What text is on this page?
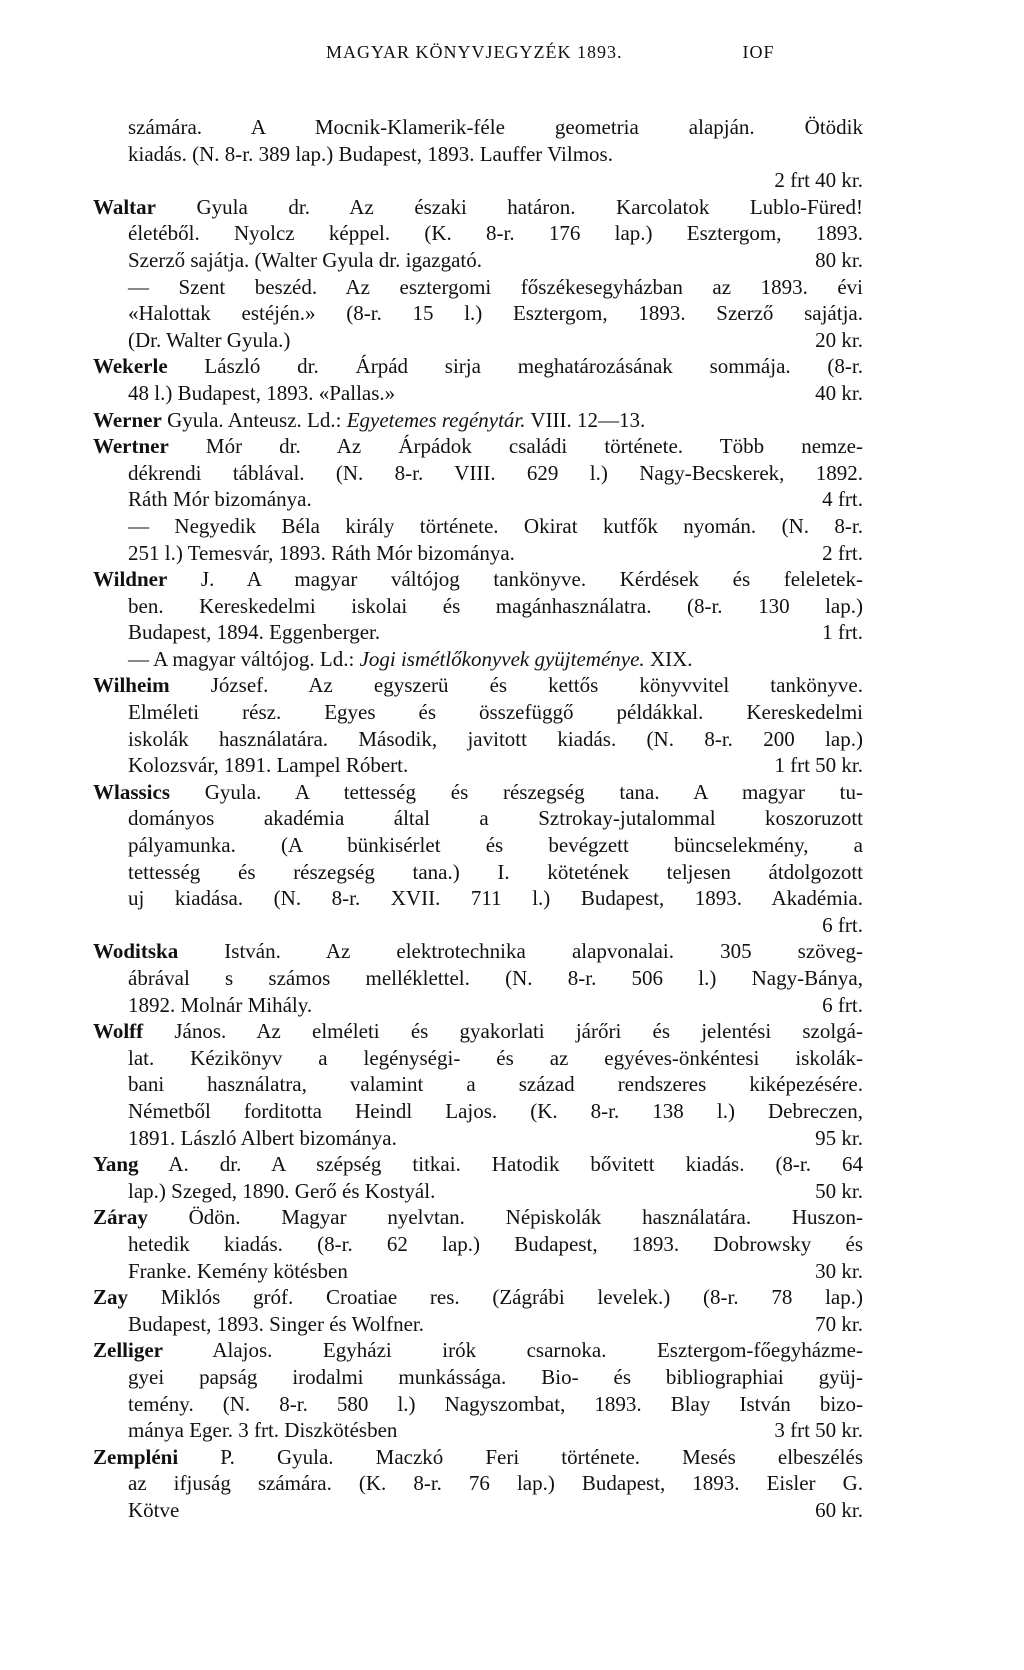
MAGYAR KÖNYVJEGYZÉK 1893.	IOF
számára. A Mocnik-Klamerik-féle geometria alapján. Ötödik
kiadás. (N. 8-r. 389 lap.) Budapest, 1893. Lauffer Vilmos.
2 frt 40 kr.
Waltar Gyula dr. Az északi határon. Karcolatok Lublo-Füred!
életéből. Nyolcz képpel. (K. 8-r. 176 lap.) Esztergom, 1893.
Szerző sajátja. (Walter Gyula dr. igazgató.	80 kr.
— Szent beszéd. Az esztergomi főszékesegyházban az 1893. évi
«Halottak estéjén.» (8-r. 15 l.) Esztergom, 1893. Szerző sajátja.
(Dr. Walter Gyula.)	20 kr.
Wekerle László dr. Árpád sirja meghatározásának sommája. (8-r.
48 l.) Budapest, 1893. «Pallas.»	40 kr.
Werner Gyula. Anteusz. Ld.: Egyetemes regénytár. VIII. 12—13.
Wertner Mór dr. Az Árpádok családi története. Több nemze-
dékrendi táblával. (N. 8-r. VIII. 629 l.) Nagy-Becskerek, 1892.
Ráth Mór bizománya.	4 frt.
— Negyedik Béla király története. Okirat kutfők nyomán. (N. 8-r.
251 l.) Temesvár, 1893. Ráth Mór bizománya.	2 frt.
Wildner J. A magyar váltójog tankönyve. Kérdések és feleletek-
ben. Kereskedelmi iskolai és magánhasználatra. (8-r. 130 lap.)
Budapest, 1894. Eggenberger.	1 frt.
— A magyar váltójog. Ld.: Jogi ismétlőkonyvek gyüjteménye. XIX.
Wilheim József. Az egyszerü és kettős könyvvitel tankönyve.
Elméleti rész. Egyes és összefüggő példákkal. Kereskedelmi
iskolák használatára. Második, javitott kiadás. (N. 8-r. 200 lap.)
Kolozsvár, 1891. Lampel Róbert.	1 frt 50 kr.
Wlassics Gyula. A tettesség és részegség tana. A magyar tu-
dományos akadémia által a Sztrokay-jutalommal koszoruzott
pályamunka. (A bünkisérlet és bevégzett büncselekmény, a
tettesség és részegség tana.) I. kötetének teljesen átdolgozott
uj kiadása. (N. 8-r. XVII. 711 l.) Budapest, 1893. Akadémia.
6 frt.
Woditska István. Az elektrotechnika alapvonalai. 305 szöveg-
ábrával s számos melléklettel. (N. 8-r. 506 l.) Nagy-Bánya,
1892. Molnár Mihály.	6 frt.
Wolff János. Az elméleti és gyakorlati járőri és jelentési szolgá-
lat. Kézikönyv a legénységi- és az egyéves-önkéntesi iskolák-
bani használatra, valamint a század rendszeres kiképezésére.
Németből forditotta Heindl Lajos. (K. 8-r. 138 l.) Debreczen,
1891. László Albert bizománya.	95 kr.
Yang A. dr. A szépség titkai. Hatodik bővitett kiadás. (8-r. 64
lap.) Szeged, 1890. Gerő és Kostyál.	50 kr.
Záray Ödön. Magyar nyelvtan. Népiskolák használatára. Huszon-
hetedik kiadás. (8-r. 62 lap.) Budapest, 1893. Dobrowsky és
Franke. Kemény kötésben	30 kr.
Zay Miklós gróf. Croatiae res. (Zágrábi levelek.) (8-r. 78 lap.)
Budapest, 1893. Singer és Wolfner.	70 kr.
Zelliger Alajos. Egyházi irók csarnoka. Esztergom-főegyházme-
gyei papság irodalmi munkássága. Bio- és bibliographiai gyüj-
temény. (N. 8-r. 580 l.) Nagyszombat, 1893. Blay István bizo-
mánya Eger. 3 frt. Diszkötésben	3 frt 50 kr.
Zempléni P. Gyula. Maczkó Feri története. Mesés elbeszélés
az ifjuság számára. (K. 8-r. 76 lap.) Budapest, 1893. Eisler G.
Kötve	60 kr.
